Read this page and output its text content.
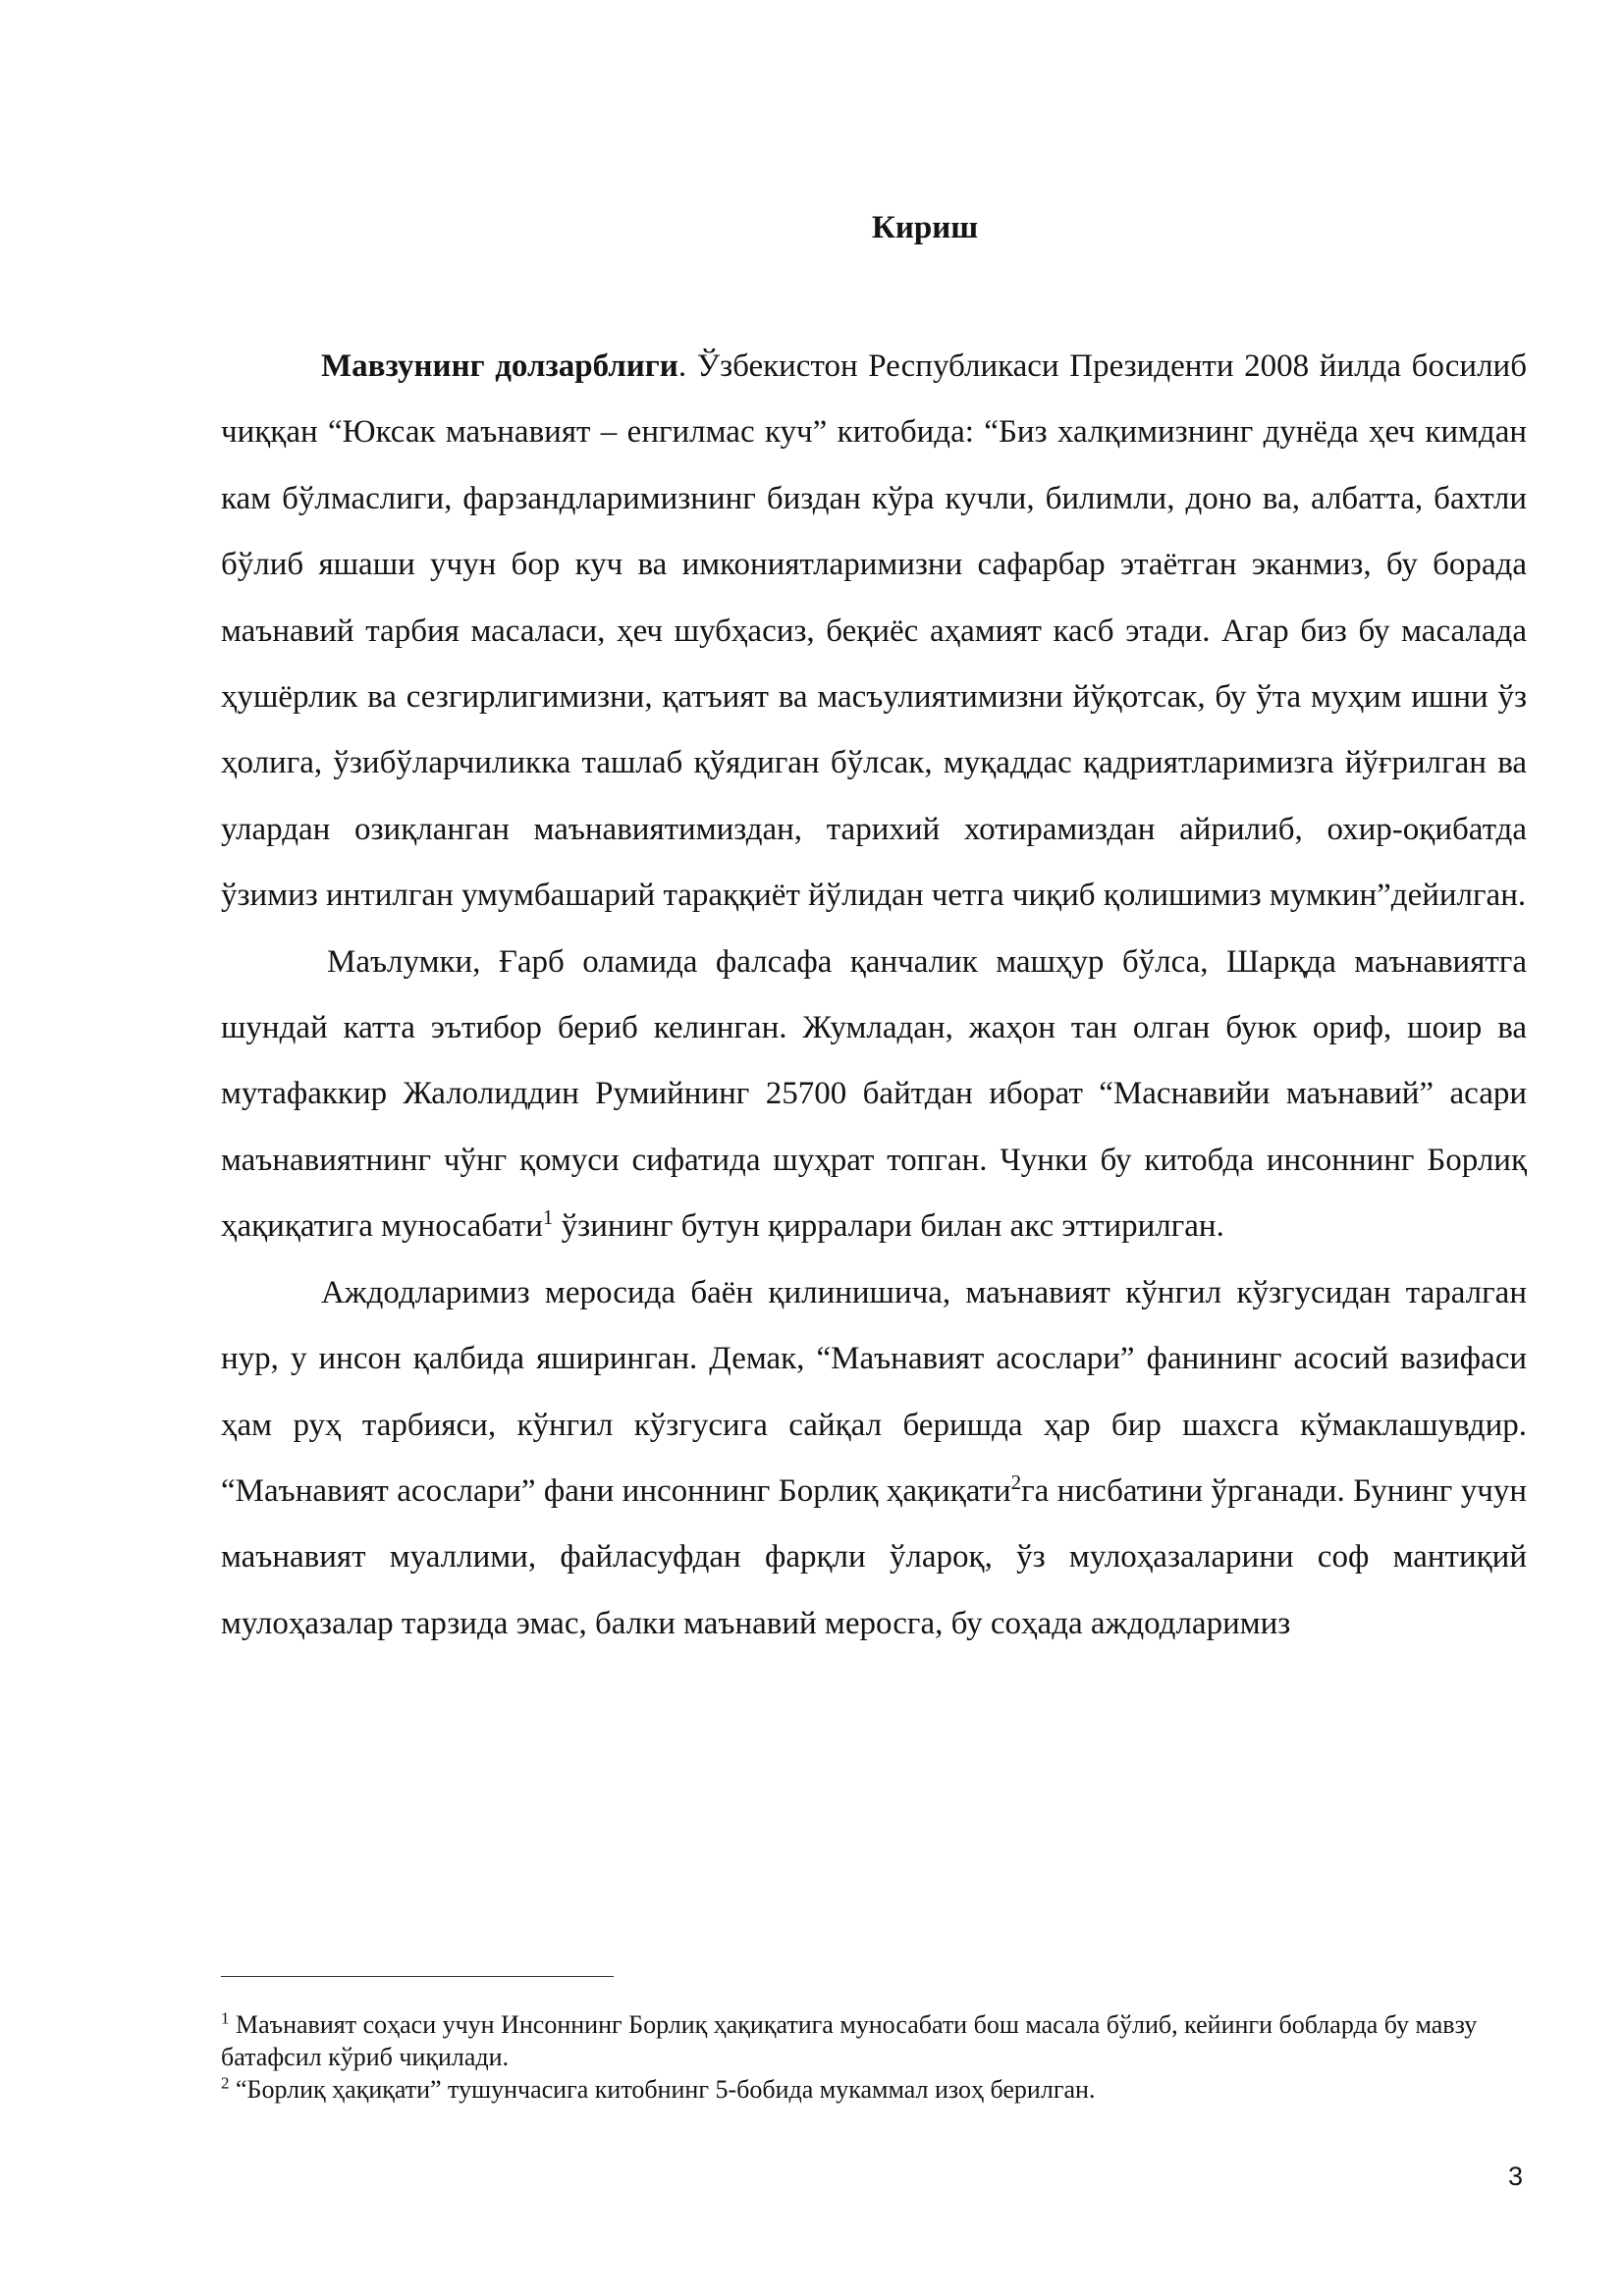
Кириш

Мавзунинг долзарблиги. Ўзбекистон Республикаси Президенти 2008 йилда босилиб чиққан “Юксак маънавият – енгилмас куч” китобида: “Биз халқимизнинг дунёда ҳеч кимдан кам бўлмаслиги, фарзандларимизнинг биздан кўра кучли, билимли, доно ва, албатта, бахтли бўлиб яшаши учун бор куч ва имкониятларимизни сафарбар этаётган эканмиз, бу борада маънавий тарбия масаласи, ҳеч шубҳасиз, беқиёс аҳамият касб этади. Агар биз бу масалада ҳушёрлик ва сезгирлигимизни, қатъият ва масъулиятимизни йўқотсак, бу ўта муҳим ишни ўз ҳолига, ўзибўларчиликка ташлаб қўядиган бўлсак, муқаддас қадриятларимизга йўғрилган ва улардан озиқланган маънавиятимиздан, тарихий хотирамиздан айрилиб, охир-оқибатда ўзимиз интилган умумбашарий тараққиёт йўлидан четга чиқиб қолишимиз мумкин”дейилган.

Маълумки, Ғарб оламида фалсафа қанчалик машҳур бўлса, Шарқда маънавиятга шундай катта эътибор бериб келинган. Жумладан, жаҳон тан олган буюк ориф, шоир ва мутафаккир Жалолиддин Румийнинг 25700 байтдан иборат “Маснавийи маънавий” асари маънавиятнинг чўнг қомуси сифатида шуҳрат топган. Чунки бу китобда инсоннинг Борлиқ ҳақиқатига муносабати$^1$ ўзининг бутун қирралари билан акс эттирилган.

Аждодларимиз меросида баён қилинишича, маънавият кўнгил кўзгусидан таралган нур, у инсон қалбида яширинган. Демак, “Маънавият асослари” фанининг асосий вазифаси ҳам руҳ тарбияси, кўнгил кўзгусига сайқал беришда ҳар бир шахсга кўмаклашувдир. “Маънавият асослари” фани инсоннинг Борлиқ ҳақиқати$^2$га нисбатини ўрганади. Бунинг учун маънавият муаллими, файласуфдан фарқли ўлароқ, ўз мулоҳазаларини соф мантиқий мулоҳазалар тарзида эмас, балки маънавий меросга, бу соҳада аждодларимиз

$^1$ Маънавият соҳаси учун Инсоннинг Борлиқ ҳақиқатига муносабати бош масала бўлиб, кейинги бобларда бу мавзу батафсил кўриб чиқилади.

$^2$ “Борлиқ ҳақиқати” тушунчасига китобнинг 5-бобида мукаммал изоҳ берилган.

3
